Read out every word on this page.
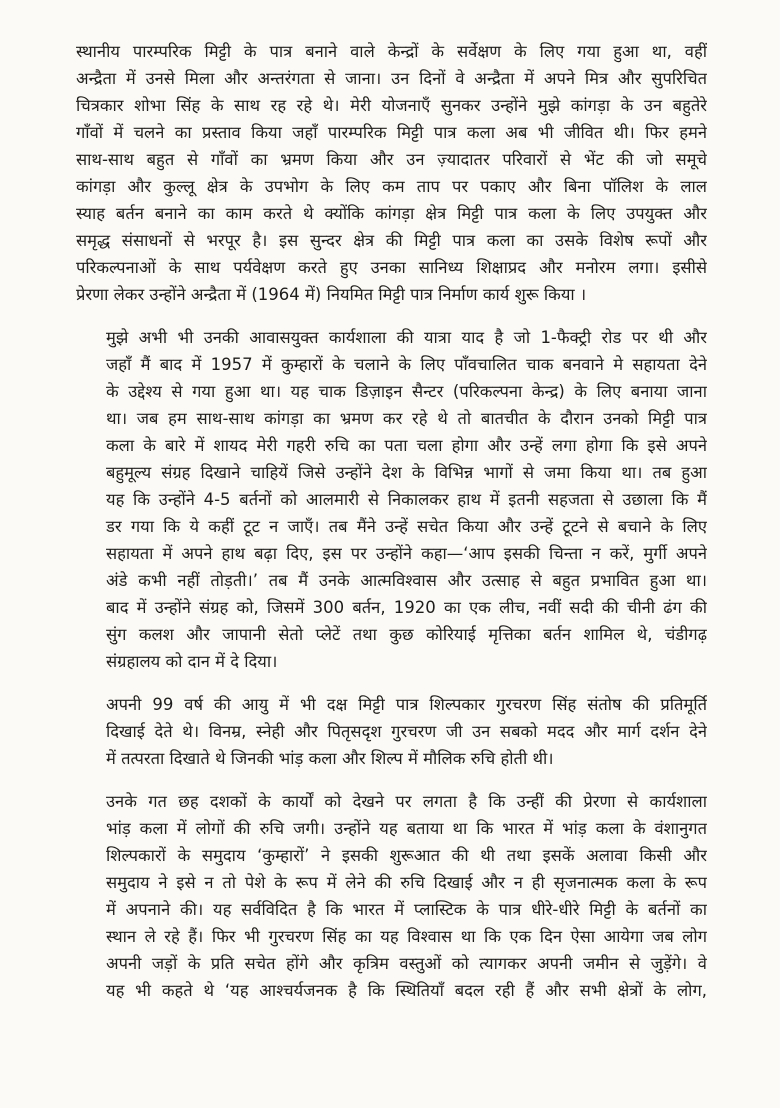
स्थानीय पारम्परिक मिट्टी के पात्र बनाने वाले केन्द्रों के सर्वेक्षण के लिए गया हुआ था, वहीं
अन्द्रैता में उनसे मिला और अन्तरंगता से जाना। उन दिनों वे अन्द्रैता में अपने मित्र और सुपरिचित
चित्रकार शोभा सिंह के साथ रह रहे थे। मेरी योजनाएँ सुनकर उन्होंने मुझे कांगड़ा के उन बहुतेरे
गाँवों में चलने का प्रस्ताव किया जहाँ पारम्परिक मिट्टी पात्र कला अब भी जीवित थी। फिर हमने
साथ-साथ बहुत से गाँवों का भ्रमण किया और उन ज़्यादातर परिवारों से भेंट की जो समूचे
कांगड़ा और कुल्लू क्षेत्र के उपभोग के लिए कम ताप पर पकाए और बिना पॉलिश के लाल
स्याह बर्तन बनाने का काम करते थे क्योंकि कांगड़ा क्षेत्र मिट्टी पात्र कला के लिए उपयुक्त और
समृद्ध संसाधनों से भरपूर है। इस सुन्दर क्षेत्र की मिट्टी पात्र कला का उसके विशेष रूपों और
परिकल्पनाओं के साथ पर्यवेक्षण करते हुए उनका सानिध्य शिक्षाप्रद और मनोरम लगा। इसीसे
प्रेरणा लेकर उन्होंने अन्द्रैता में (1964 में) नियमित मिट्टी पात्र निर्माण कार्य शुरू किया ।

मुझे अभी भी उनकी आवासयुक्त कार्यशाला की यात्रा याद है जो 1-फैक्ट्री रोड पर थी और
जहाँ मैं बाद में 1957 में कुम्हारों के चलाने के लिए पाँवचालित चाक बनवाने मे सहायता देने
के उद्देश्य से गया हुआ था। यह चाक डिज़ाइन सैन्टर (परिकल्पना केन्द्र) के लिए बनाया जाना
था। जब हम साथ-साथ कांगड़ा का भ्रमण कर रहे थे तो बातचीत के दौरान उनको मिट्टी पात्र
कला के बारे में शायद मेरी गहरी रुचि का पता चला होगा और उन्हें लगा होगा कि इसे अपने
बहुमूल्य संग्रह दिखाने चाहियें जिसे उन्होंने देश के विभिन्न भागों से जमा किया था। तब हुआ
यह कि उन्होंने 4-5 बर्तनों को आलमारी से निकालकर हाथ में इतनी सहजता से उछाला कि मैं
डर गया कि ये कहीं टूट न जाएँ। तब मैंने उन्हें सचेत किया और उन्हें टूटने से बचाने के लिए
सहायता में अपने हाथ बढ़ा दिए, इस पर उन्होंने कहा—‘आप इसकी चिन्ता न करें, मुर्गी अपने
अंडे कभी नहीं तोड़ती।’ तब मैं उनके आत्मविश्वास और उत्साह से बहुत प्रभावित हुआ था।
बाद में उन्होंने संग्रह को, जिसमें 300 बर्तन, 1920 का एक लीच, नवीं सदी की चीनी ढंग की
सुंग कलश और जापानी सेतो प्लेटें तथा कुछ कोरियाई मृत्तिका बर्तन शामिल थे, चंडीगढ़
संग्रहालय को दान में दे दिया।

अपनी 99 वर्ष की आयु में भी दक्ष मिट्टी पात्र शिल्पकार गुरचरण सिंह संतोष की प्रतिमूर्ति
दिखाई देते थे। विनम्र, स्नेही और पितृसदृश गुरचरण जी उन सबको मदद और मार्ग दर्शन देने
में तत्परता दिखाते थे जिनकी भांड़ कला और शिल्प में मौलिक रुचि होती थी।

उनके गत छह दशकों के कार्यों को देखने पर लगता है कि उन्हीं की प्रेरणा से कार्यशाला
भांड़ कला में लोगों की रुचि जगी। उन्होंने यह बताया था कि भारत में भांड़ कला के वंशानुगत
शिल्पकारों के समुदाय ‘कुम्हारों’ ने इसकी शुरूआत की थी तथा इसकें अलावा किसी और
समुदाय ने इसे न तो पेशे के रूप में लेने की रुचि दिखाई और न ही सृजनात्मक कला के रूप
में अपनाने की। यह सर्वविदित है कि भारत में प्लास्टिक के पात्र धीरे-धीरे मिट्टी के बर्तनों का
स्थान ले रहे हैं। फिर भी गुरचरण सिंह का यह विश्वास था कि एक दिन ऐसा आयेगा जब लोग
अपनी जड़ों के प्रति सचेत होंगे और कृत्रिम वस्तुओं को त्यागकर अपनी जमीन से जुड़ेंगे। वे
यह भी कहते थे ‘यह आश्चर्यजनक है कि स्थितियाँ बदल रही हैं और सभी क्षेत्रों के लोग,
